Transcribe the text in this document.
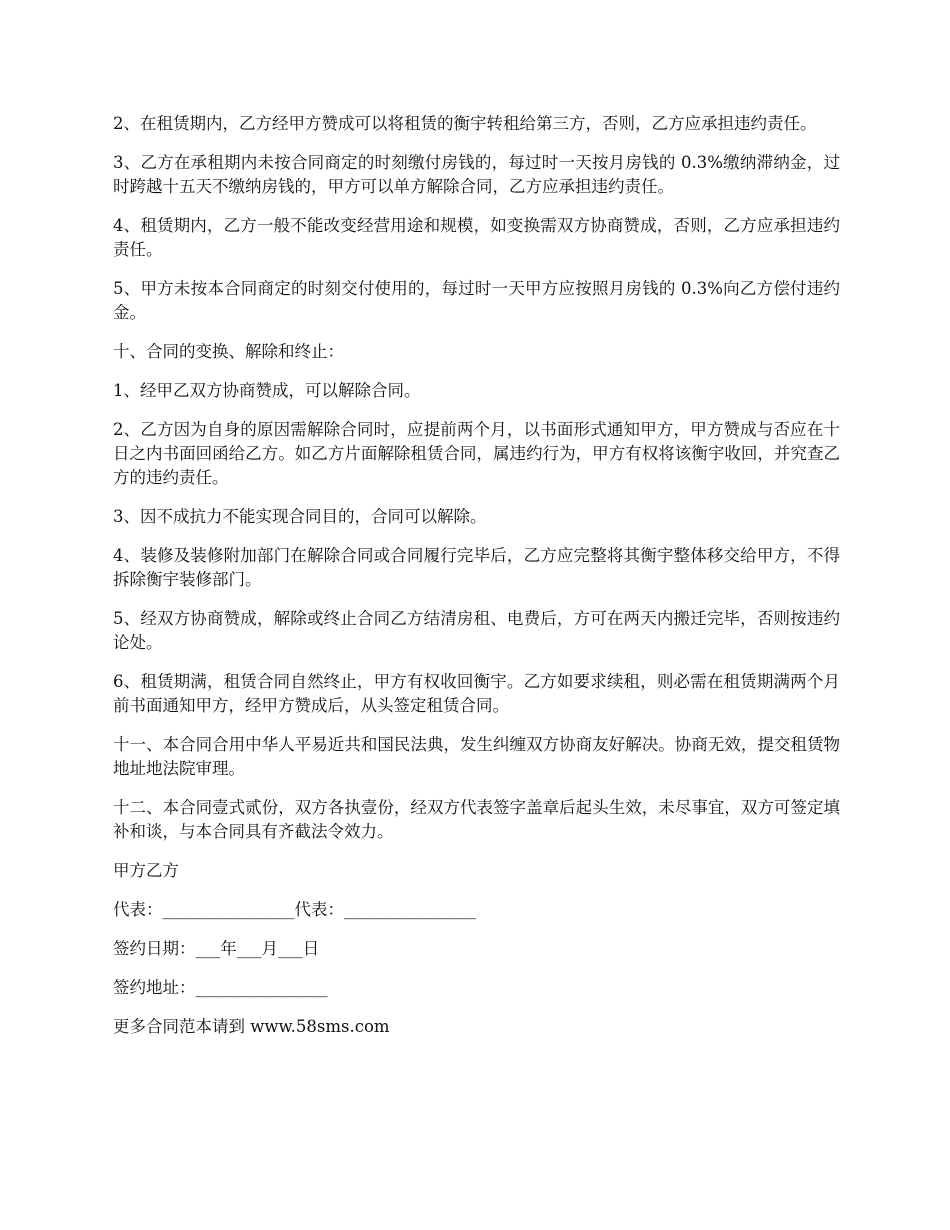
2、在租赁期内，乙方经甲方赞成可以将租赁的衡宇转租给第三方，否则，乙方应承担违约责任。

3、乙方在承租期内未按合同商定的时刻缴付房钱的，每过时一天按月房钱的 0.3%缴纳滞纳金，过时跨越十五天不缴纳房钱的，甲方可以单方解除合同，乙方应承担违约责任。

4、租赁期内，乙方一般不能改变经营用途和规模，如变换需双方协商赞成，否则，乙方应承担违约责任。

5、甲方未按本合同商定的时刻交付使用的，每过时一天甲方应按照月房钱的 0.3%向乙方偿付违约金。

十、合同的变换、解除和终止：

1、经甲乙双方协商赞成，可以解除合同。

2、乙方因为自身的原因需解除合同时，应提前两个月，以书面形式通知甲方，甲方赞成与否应在十日之内书面回函给乙方。如乙方片面解除租赁合同，属违约行为，甲方有权将该衡宇收回，并究查乙方的违约责任。

3、因不成抗力不能实现合同目的，合同可以解除。

4、装修及装修附加部门在解除合同或合同履行完毕后，乙方应完整将其衡宇整体移交给甲方，不得拆除衡宇装修部门。

5、经双方协商赞成，解除或终止合同乙方结清房租、电费后，方可在两天内搬迁完毕，否则按违约论处。

6、租赁期满，租赁合同自然终止，甲方有权收回衡宇。乙方如要求续租，则必需在租赁期满两个月前书面通知甲方，经甲方赞成后，从头签定租赁合同。

十一、本合同合用中华人平易近共和国民法典，发生纠缠双方协商友好解决。协商无效，提交租赁物地址地法院审理。

十二、本合同壹式贰份，双方各执壹份，经双方代表签字盖章后起头生效，未尽事宜，双方可签定填补和谈，与本合同具有齐截法令效力。

甲方乙方

代表：________________代表：________________

签约日期：___年___月___日

签约地址：________________

更多合同范本请到 www.58sms.com
